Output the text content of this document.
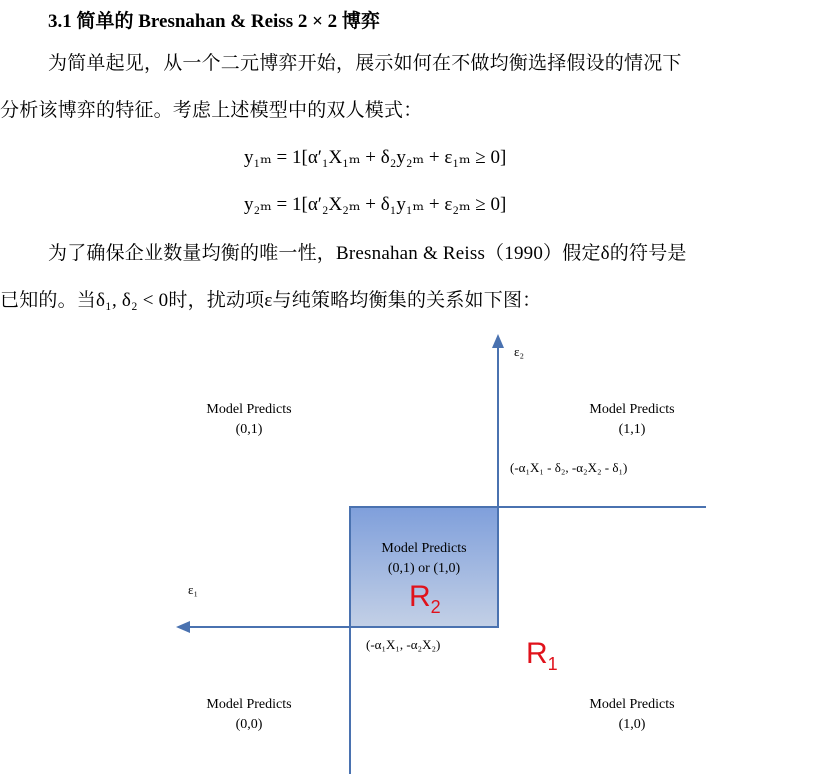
3.1 简单的 Bresnahan & Reiss 2 × 2 博弈
为简单起见，从一个二元博弈开始，展示如何在不做均衡选择假设的情况下
分析该博弈的特征。考虑上述模型中的双人模式：
y₁ₘ = 1[α′₁X₁ₘ + δ₂y₂ₘ + ε₁ₘ ≥ 0]
y₂ₘ = 1[α′₂X₂ₘ + δ₁y₁ₘ + ε₂ₘ ≥ 0]
为了确保企业数量均衡的唯一性，Bresnahan & Reiss（1990）假定δ的符号是
已知的。当δ₁, δ₂ < 0时，扰动项ε与纯策略均衡集的关系如下图：
ε₂
ε₁
Model Predicts
(0,1)
Model Predicts
(1,1)
Model Predicts
(0,0)
Model Predicts
(1,0)
Model Predicts
(0,1) or (1,0)
(-α₁X₁ - δ₂, -α₂X₂ - δ₁)
(-α₁X₁, -α₂X₂)
$R_2$
$R_1$
